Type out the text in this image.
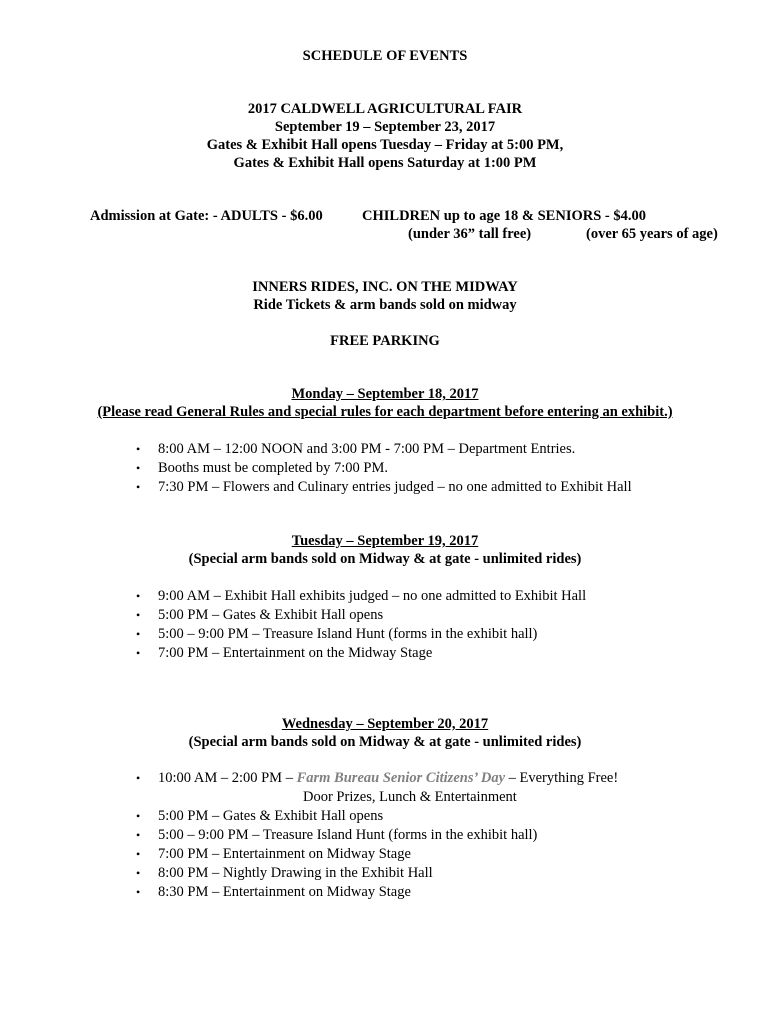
SCHEDULE OF EVENTS
2017 CALDWELL AGRICULTURAL FAIR
September 19 – September 23, 2017
Gates & Exhibit Hall opens Tuesday – Friday at 5:00 PM,
Gates & Exhibit Hall opens Saturday at 1:00 PM
Admission at Gate: - ADULTS - $6.00	CHILDREN up to age 18 & SENIORS - $4.00
(under 36” tall free)	(over 65 years of age)
INNERS RIDES, INC. ON THE MIDWAY
Ride Tickets & arm bands sold on midway
FREE PARKING
Monday – September 18, 2017
(Please read General Rules and special rules for each department before entering an exhibit.)
• 8:00 AM – 12:00 NOON and 3:00 PM - 7:00 PM – Department Entries.
• Booths must be completed by 7:00 PM.
• 7:30 PM – Flowers and Culinary entries judged – no one admitted to Exhibit Hall
Tuesday – September 19, 2017
(Special arm bands sold on Midway & at gate - unlimited rides)
• 9:00 AM – Exhibit Hall exhibits judged – no one admitted to Exhibit Hall
• 5:00 PM – Gates & Exhibit Hall opens
• 5:00 – 9:00 PM – Treasure Island Hunt (forms in the exhibit hall)
• 7:00 PM – Entertainment on the Midway Stage
Wednesday – September 20, 2017
(Special arm bands sold on Midway & at gate - unlimited rides)
• 10:00 AM – 2:00 PM – Farm Bureau Senior Citizens’ Day – Everything Free!
Door Prizes, Lunch & Entertainment
• 5:00 PM – Gates & Exhibit Hall opens
• 5:00 – 9:00 PM – Treasure Island Hunt (forms in the exhibit hall)
• 7:00 PM – Entertainment on Midway Stage
• 8:00 PM – Nightly Drawing in the Exhibit Hall
• 8:30 PM – Entertainment on Midway Stage
